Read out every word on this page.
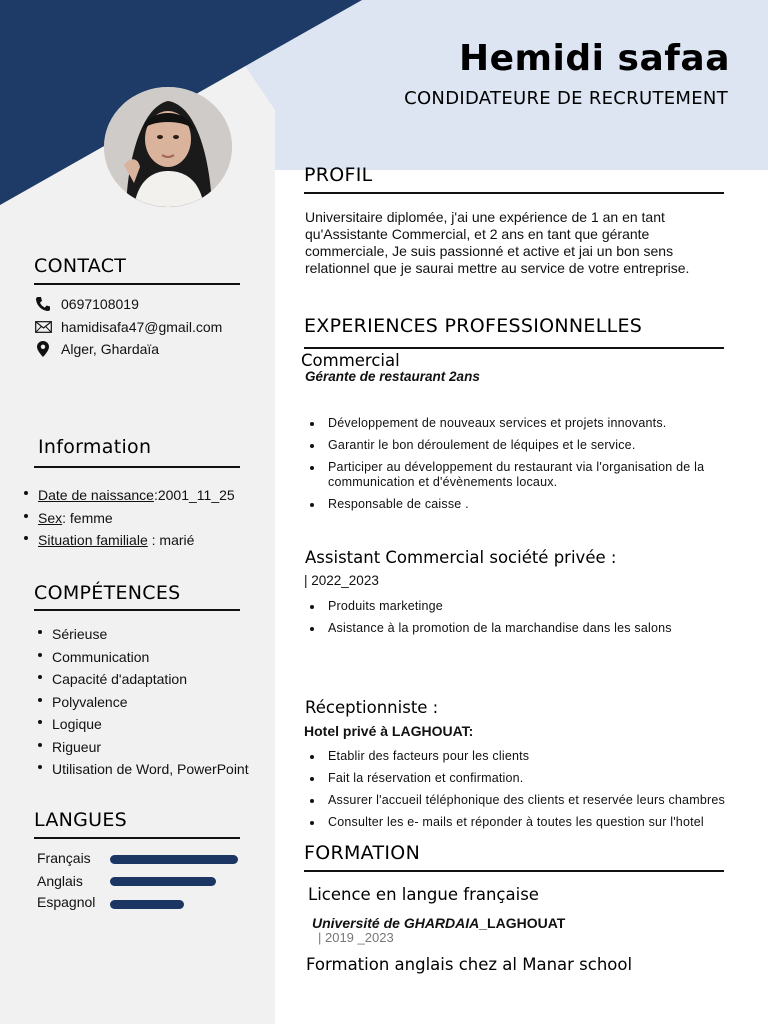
Hemidi safaa
CONDIDATEURE DE RECRUTEMENT
CONTACT
0697108019
hamidisafa47@gmail.com
Alger, Ghardaïa
Information
Date de naissance:2001_11_25
Sex: femme
Situation familiale : marié
COMPÉTENCES
Sérieuse
Communication
Capacité d'adaptation
Polyvalence
Logique
Rigueur
Utilisation de Word, PowerPoint
LANGUES
Français
Anglais
Espagnol
PROFIL
Universitaire diplomée, j'ai une expérience de 1 an en tant qu'Assistante Commercial, et 2 ans en tant que gérante commerciale, Je suis passionné et active et jai un bon sens relationnel que je saurai mettre au service de votre entreprise.
EXPERIENCES PROFESSIONNELLES
Commercial
Gérante de restaurant 2ans
Développement de nouveaux services et projets innovants.
Garantir le bon déroulement de léquipes et le service.
Participer au développement du restaurant via l'organisation de la communication et d'évènements locaux.
Responsable de caisse .
Assistant Commercial société privée :
| 2022_2023
Produits marketinge
Asistance à la promotion de la marchandise dans les salons
Réceptionniste :
Hotel privé à LAGHOUAT:
Etablir des facteurs pour les clients
Fait la réservation et confirmation.
Assurer l'accueil téléphonique des clients et reservée leurs chambres
Consulter les e- mails et réponder à toutes les question sur l'hotel
FORMATION
Licence en langue française
Université de GHARDAIA_LAGHOUAT
| 2019 _2023
Formation anglais chez al Manar school
